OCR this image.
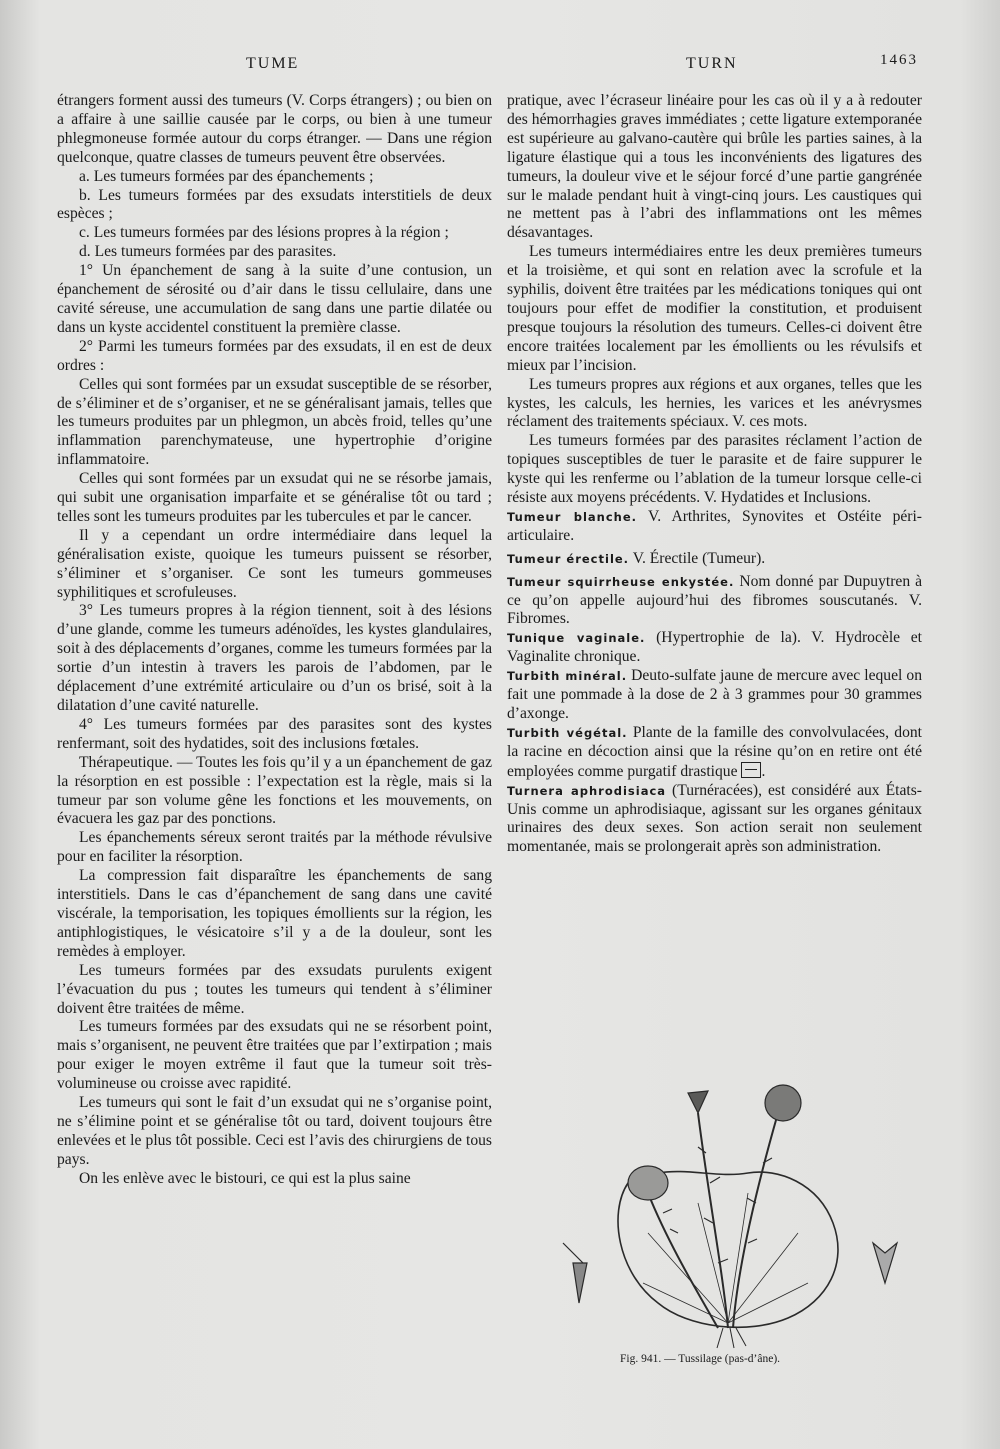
TUME	TURN	1463

étrangers forment aussi des tumeurs (V. Corps étrangers) ; ou bien on a affaire à une saillie causée par le corps, ou bien à une tumeur phlegmoneuse formée autour du corps étranger. — Dans une région quelconque, quatre classes de tumeurs peuvent être observées.

a. Les tumeurs formées par des épanchements ;

b. Les tumeurs formées par des exsudats interstitiels de deux espèces ;

c. Les tumeurs formées par des lésions propres à la région ;

d. Les tumeurs formées par des parasites.

1° Un épanchement de sang à la suite d’une contusion, un épanchement de sérosité ou d’air dans le tissu cellulaire, dans une cavité séreuse, une accumulation de sang dans une partie dilatée ou dans un kyste accidentel constituent la première classe.

2° Parmi les tumeurs formées par des exsudats, il en est de deux ordres :

Celles qui sont formées par un exsudat susceptible de se résorber, de s’éliminer et de s’organiser, et ne se généralisant jamais, telles que les tumeurs produites par un phlegmon, un abcès froid, telles qu’une inflammation parenchymateuse, une hypertrophie d’origine inflammatoire.

Celles qui sont formées par un exsudat qui ne se résorbe jamais, qui subit une organisation imparfaite et se généralise tôt ou tard ; telles sont les tumeurs produites par les tubercules et par le cancer.

Il y a cependant un ordre intermédiaire dans lequel la généralisation existe, quoique les tumeurs puissent se résorber, s’éliminer et s’organiser. Ce sont les tumeurs gommeuses syphilitiques et scrofuleuses.

3° Les tumeurs propres à la région tiennent, soit à des lésions d’une glande, comme les tumeurs adénoïdes, les kystes glandulaires, soit à des déplacements d’organes, comme les tumeurs formées par la sortie d’un intestin à travers les parois de l’abdomen, par le déplacement d’une extrémité articulaire ou d’un os brisé, soit à la dilatation d’une cavité naturelle.

4° Les tumeurs formées par des parasites sont des kystes renfermant, soit des hydatides, soit des inclusions fœtales.

Thérapeutique. — Toutes les fois qu’il y a un épanchement de gaz la résorption en est possible : l’expectation est la règle, mais si la tumeur par son volume gêne les fonctions et les mouvements, on évacuera les gaz par des ponctions.

Les épanchements séreux seront traités par la méthode révulsive pour en faciliter la résorption.

La compression fait disparaître les épanchements de sang interstitiels. Dans le cas d’épanchement de sang dans une cavité viscérale, la temporisation, les topiques émollients sur la région, les antiphlogistiques, le vésicatoire s’il y a de la douleur, sont les remèdes à employer.

Les tumeurs formées par des exsudats purulents exigent l’évacuation du pus ; toutes les tumeurs qui tendent à s’éliminer doivent être traitées de même.

Les tumeurs formées par des exsudats qui ne se résorbent point, mais s’organisent, ne peuvent être traitées que par l’extirpation ; mais pour exiger le moyen extrême il faut que la tumeur soit très-volumineuse ou croisse avec rapidité.

Les tumeurs qui sont le fait d’un exsudat qui ne s’organise point, ne s’élimine point et se généralise tôt ou tard, doivent toujours être enlevées et le plus tôt possible. Ceci est l’avis des chirurgiens de tous pays.

On les enlève avec le bistouri, ce qui est la plus saine

pratique, avec l’écraseur linéaire pour les cas où il y a à redouter des hémorrhagies graves immédiates ; cette ligature extemporanée est supérieure au galvano-cautère qui brûle les parties saines, à la ligature élastique qui a tous les inconvénients des ligatures des tumeurs, la douleur vive et le séjour forcé d’une partie gangrénée sur le malade pendant huit à vingt-cinq jours. Les caustiques qui ne mettent pas à l’abri des inflammations ont les mêmes désavantages.

Les tumeurs intermédiaires entre les deux premières tumeurs et la troisième, et qui sont en relation avec la scrofule et la syphilis, doivent être traitées par les médications toniques qui ont toujours pour effet de modifier la constitution, et produisent presque toujours la résolution des tumeurs. Celles-ci doivent être encore traitées localement par les émollients ou les révulsifs et mieux par l’incision.

Les tumeurs propres aux régions et aux organes, telles que les kystes, les calculs, les hernies, les varices et les anévrysmes réclament des traitements spéciaux. V. ces mots.

Les tumeurs formées par des parasites réclament l’action de topiques susceptibles de tuer le parasite et de faire suppurer le kyste qui les renferme ou l’ablation de la tumeur lorsque celle-ci résiste aux moyens précédents. V. Hydatides et Inclusions.

Tumeur blanche. V. Arthrites, Synovites et Ostéite péri-articulaire.

Tumeur érectile. V. Érectile (Tumeur).

Tumeur squirrheuse enkystée. Nom donné par Dupuytren à ce qu’on appelle aujourd’hui des fibromes souscutanés. V. Fibromes.

Tunique vaginale. (Hypertrophie de la). V. Hydrocèle et Vaginalite chronique.

Turbith minéral. Deuto-sulfate jaune de mercure avec lequel on fait une pommade à la dose de 2 à 3 grammes pour 30 grammes d’axonge.

Turbith végétal. Plante de la famille des convolvulacées, dont la racine en décoction ainsi que la résine qu’on en retire ont été employées comme purgatif drastique .

Turnera aphrodisiaca (Turnéracées), est considéré aux États-Unis comme un aphrodisiaque, agissant sur les organes génitaux urinaires des deux sexes. Son action serait non seulement momentanée, mais se prolongerait après son administration.

Fig. 941. — Tussilage (pas-d’âne).
